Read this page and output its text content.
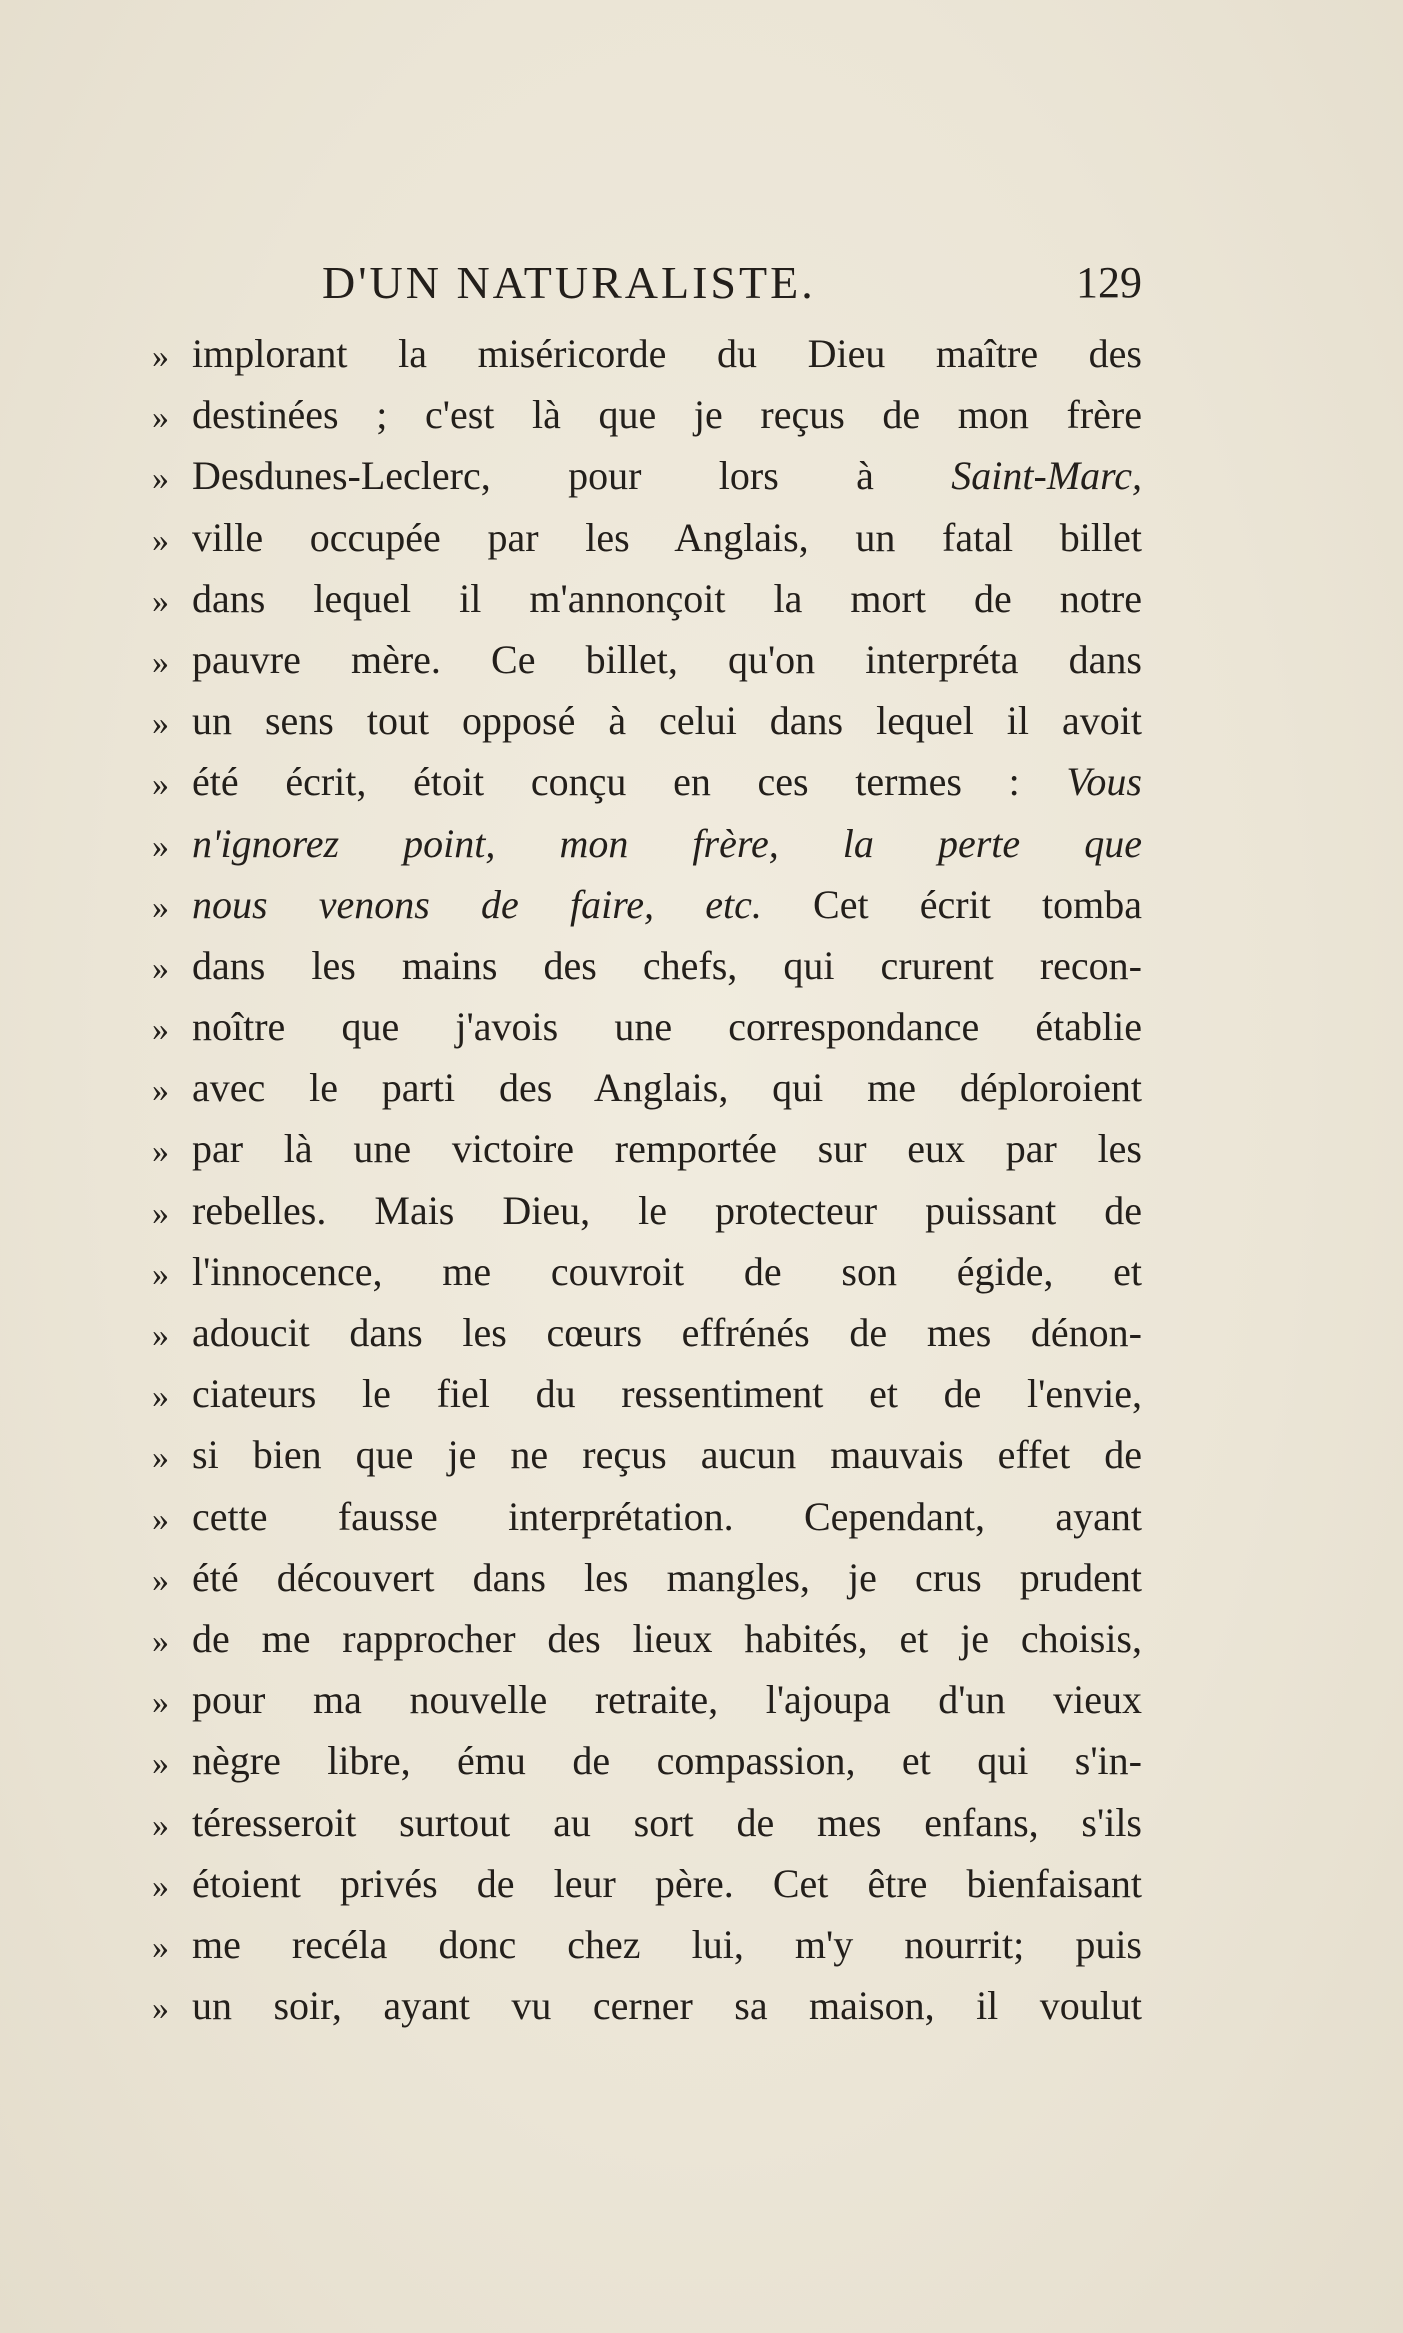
D'UN NATURALISTE.	129
» implorant la miséricorde du Dieu maître des
» destinées ; c'est là que je reçus de mon frère
» Desdunes-Leclerc, pour lors à Saint-Marc,
» ville occupée par les Anglais, un fatal billet
» dans lequel il m'annonçoit la mort de notre
» pauvre mère. Ce billet, qu'on interpréta dans
» un sens tout opposé à celui dans lequel il avoit
» été écrit, étoit conçu en ces termes : Vous
» n'ignorez point, mon frère, la perte que
» nous venons de faire, etc. Cet écrit tomba
» dans les mains des chefs, qui crurent recon-
» noître que j'avois une correspondance établie
» avec le parti des Anglais, qui me déploroient
» par là une victoire remportée sur eux par les
» rebelles. Mais Dieu, le protecteur puissant de
» l'innocence, me couvroit de son égide, et
» adoucit dans les cœurs effrénés de mes dénon-
» ciateurs le fiel du ressentiment et de l'envie,
» si bien que je ne reçus aucun mauvais effet de
» cette fausse interprétation. Cependant, ayant
» été découvert dans les mangles, je crus prudent
» de me rapprocher des lieux habités, et je choisis,
» pour ma nouvelle retraite, l'ajoupa d'un vieux
» nègre libre, ému de compassion, et qui s'in-
» téresseroit surtout au sort de mes enfans, s'ils
» étoient privés de leur père. Cet être bienfaisant
» me recéla donc chez lui, m'y nourrit; puis
» un soir, ayant vu cerner sa maison, il voulut
